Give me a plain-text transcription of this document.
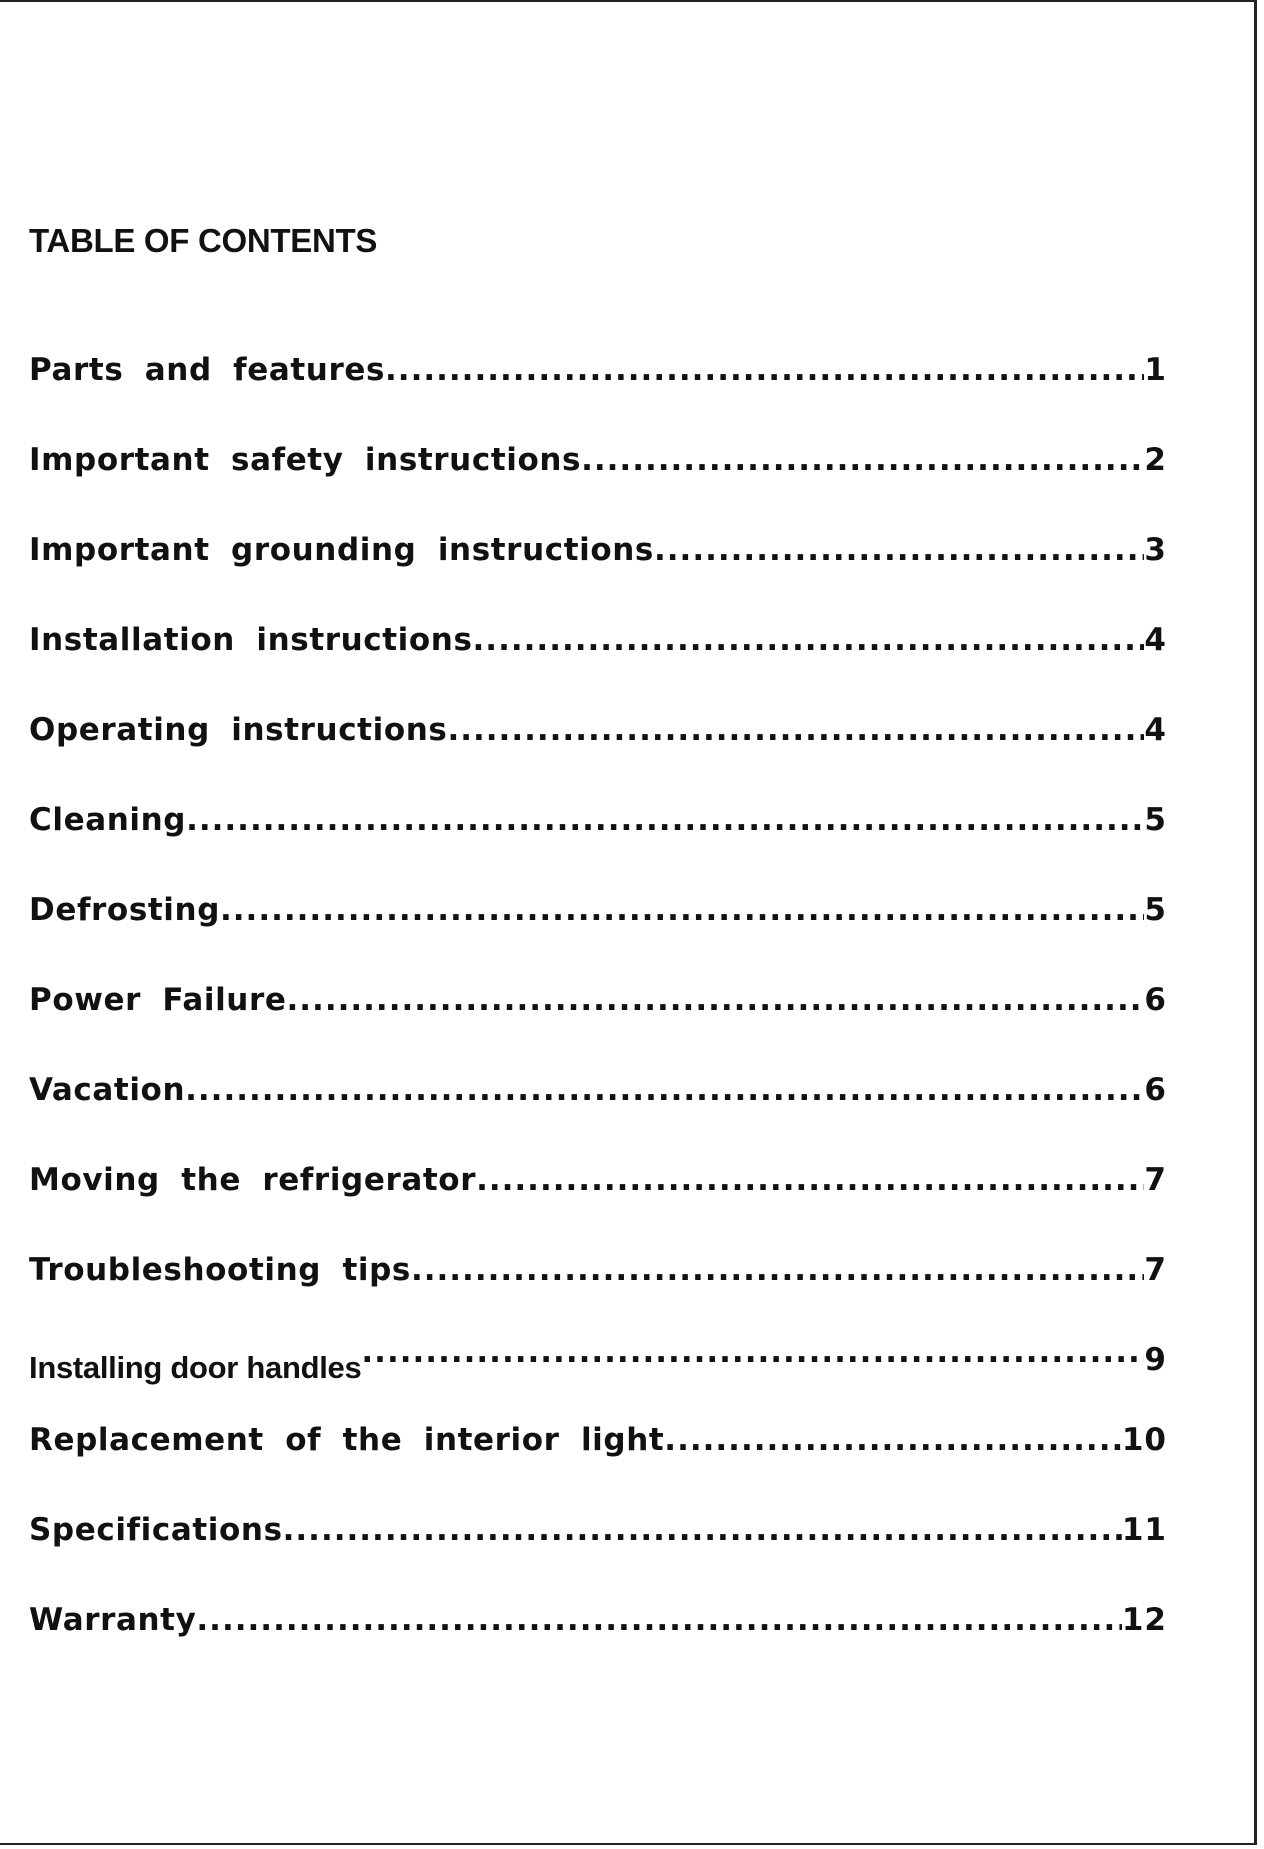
TABLE OF CONTENTS
Parts and features .....	1
Important safety instructions .....	2
Important grounding instructions .....	3
Installation instructions .....	4
Operating instructions .....	4
Cleaning .....	5
Defrosting .....	5
Power Failure .....	6
Vacation .....	6
Moving the refrigerator .....	7
Troubleshooting tips .....	7
Installing door handles ·····	9
Replacement of the interior light .....	10
Specifications .....	11
Warranty .....	12
